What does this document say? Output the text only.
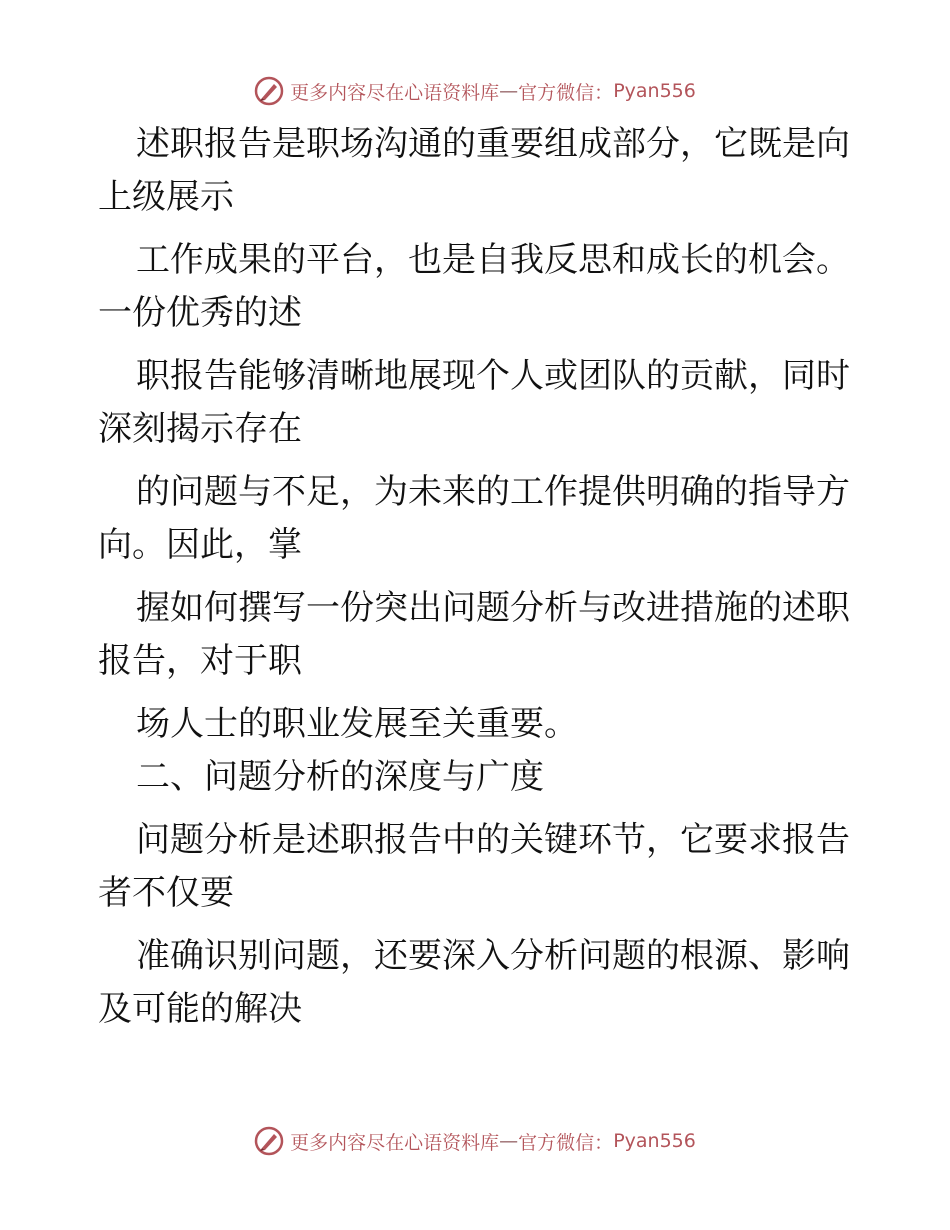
更多内容尽在心语资料库 — 官方微信： Pyan556
述职报告是职场沟通的重要组成部分，它既是向
上级展示
工作成果的平台，也是自我反思和成长的机会。
一份优秀的述
职报告能够清晰地展现个人或团队的贡献，同时
深刻揭示存在
的问题与不足，为未来的工作提供明确的指导方
向。因此，掌
握如何撰写一份突出问题分析与改进措施的述职
报告，对于职
场人士的职业发展至关重要。
二、问题分析的深度与广度
问题分析是述职报告中的关键环节，它要求报告
者不仅要
准确识别问题，还要深入分析问题的根源、影响
及可能的解决
更多内容尽在心语资料库 — 官方微信： Pyan556
